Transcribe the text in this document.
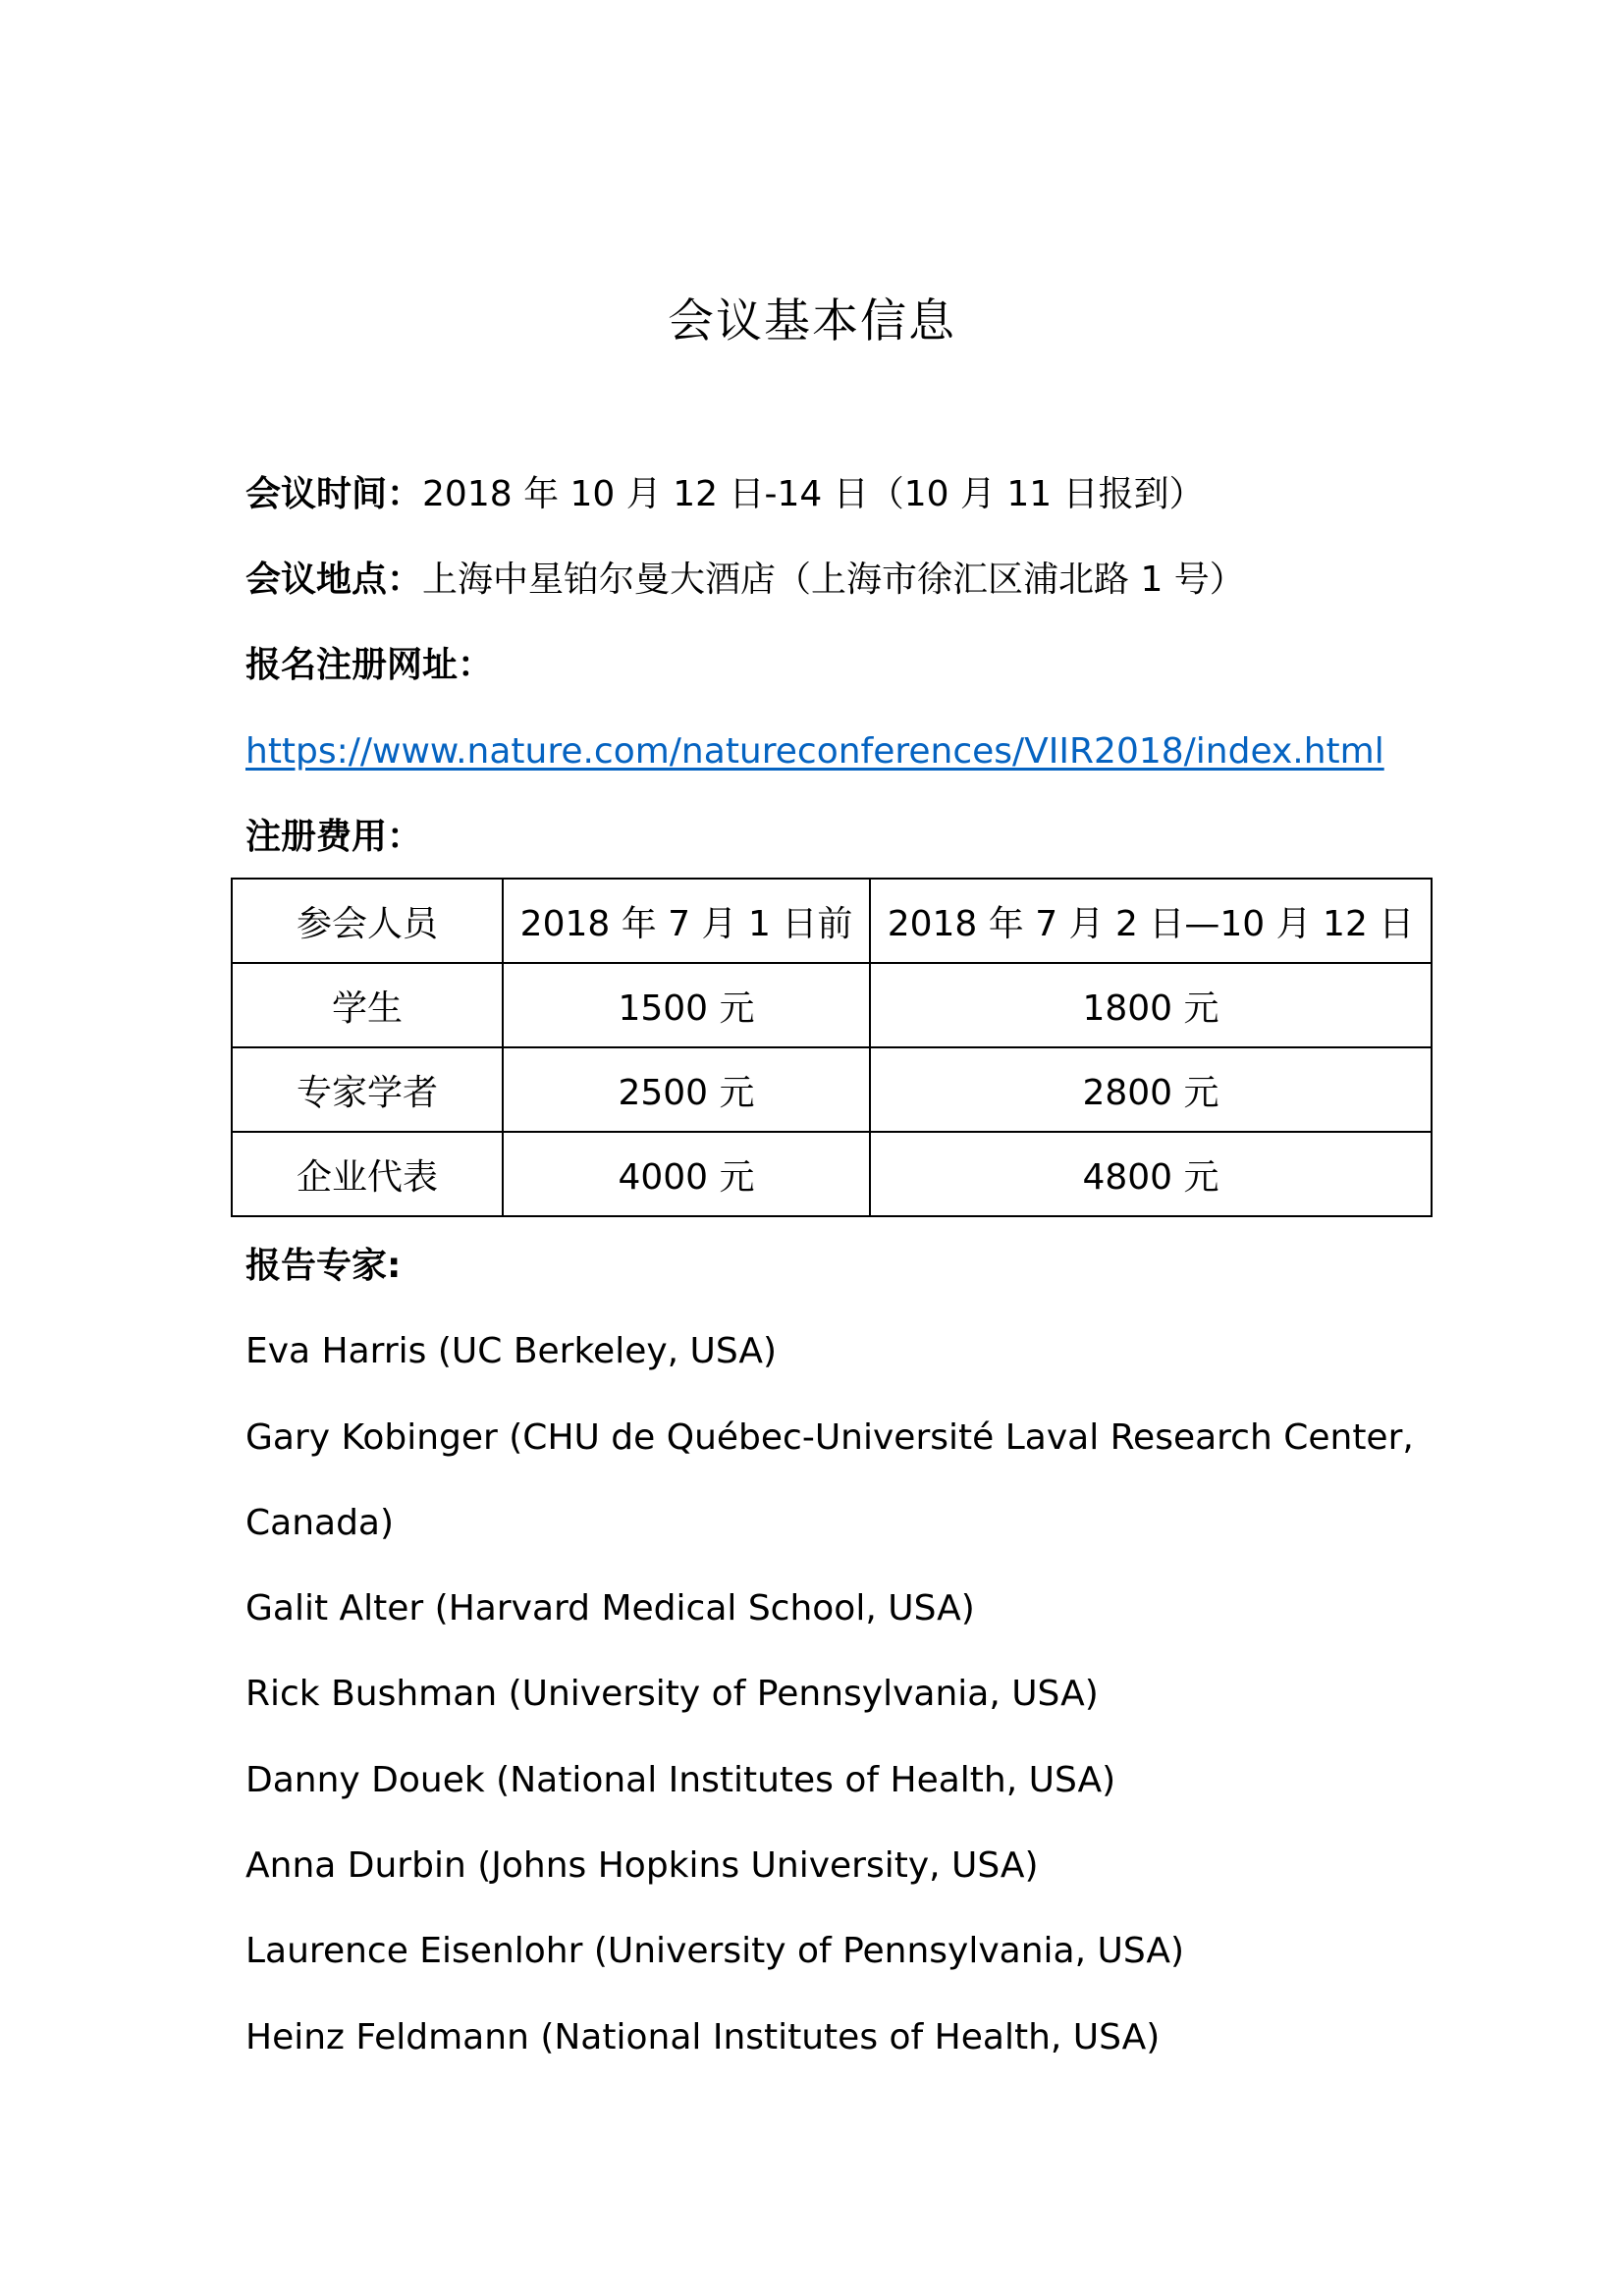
会议基本信息
会议时间：2018 年 10 月 12 日-14 日（10 月 11 日报到）
会议地点：上海中星铂尔曼大酒店（上海市徐汇区浦北路 1 号）
报名注册网址：
https://www.nature.com/natureconferences/VIIR2018/index.html
注册费用：
参会人员	2018 年 7 月 1 日前	2018 年 7 月 2 日—10 月 12 日
学生	1500 元	1800 元
专家学者	2500 元	2800 元
企业代表	4000 元	4800 元
报告专家:
Eva Harris (UC Berkeley, USA)
Gary Kobinger (CHU de Québec-Université Laval Research Center,
Canada)
Galit Alter (Harvard Medical School, USA)
Rick Bushman (University of Pennsylvania, USA)
Danny Douek (National Institutes of Health, USA)
Anna Durbin (Johns Hopkins University, USA)
Laurence Eisenlohr (University of Pennsylvania, USA)
Heinz Feldmann (National Institutes of Health, USA)
